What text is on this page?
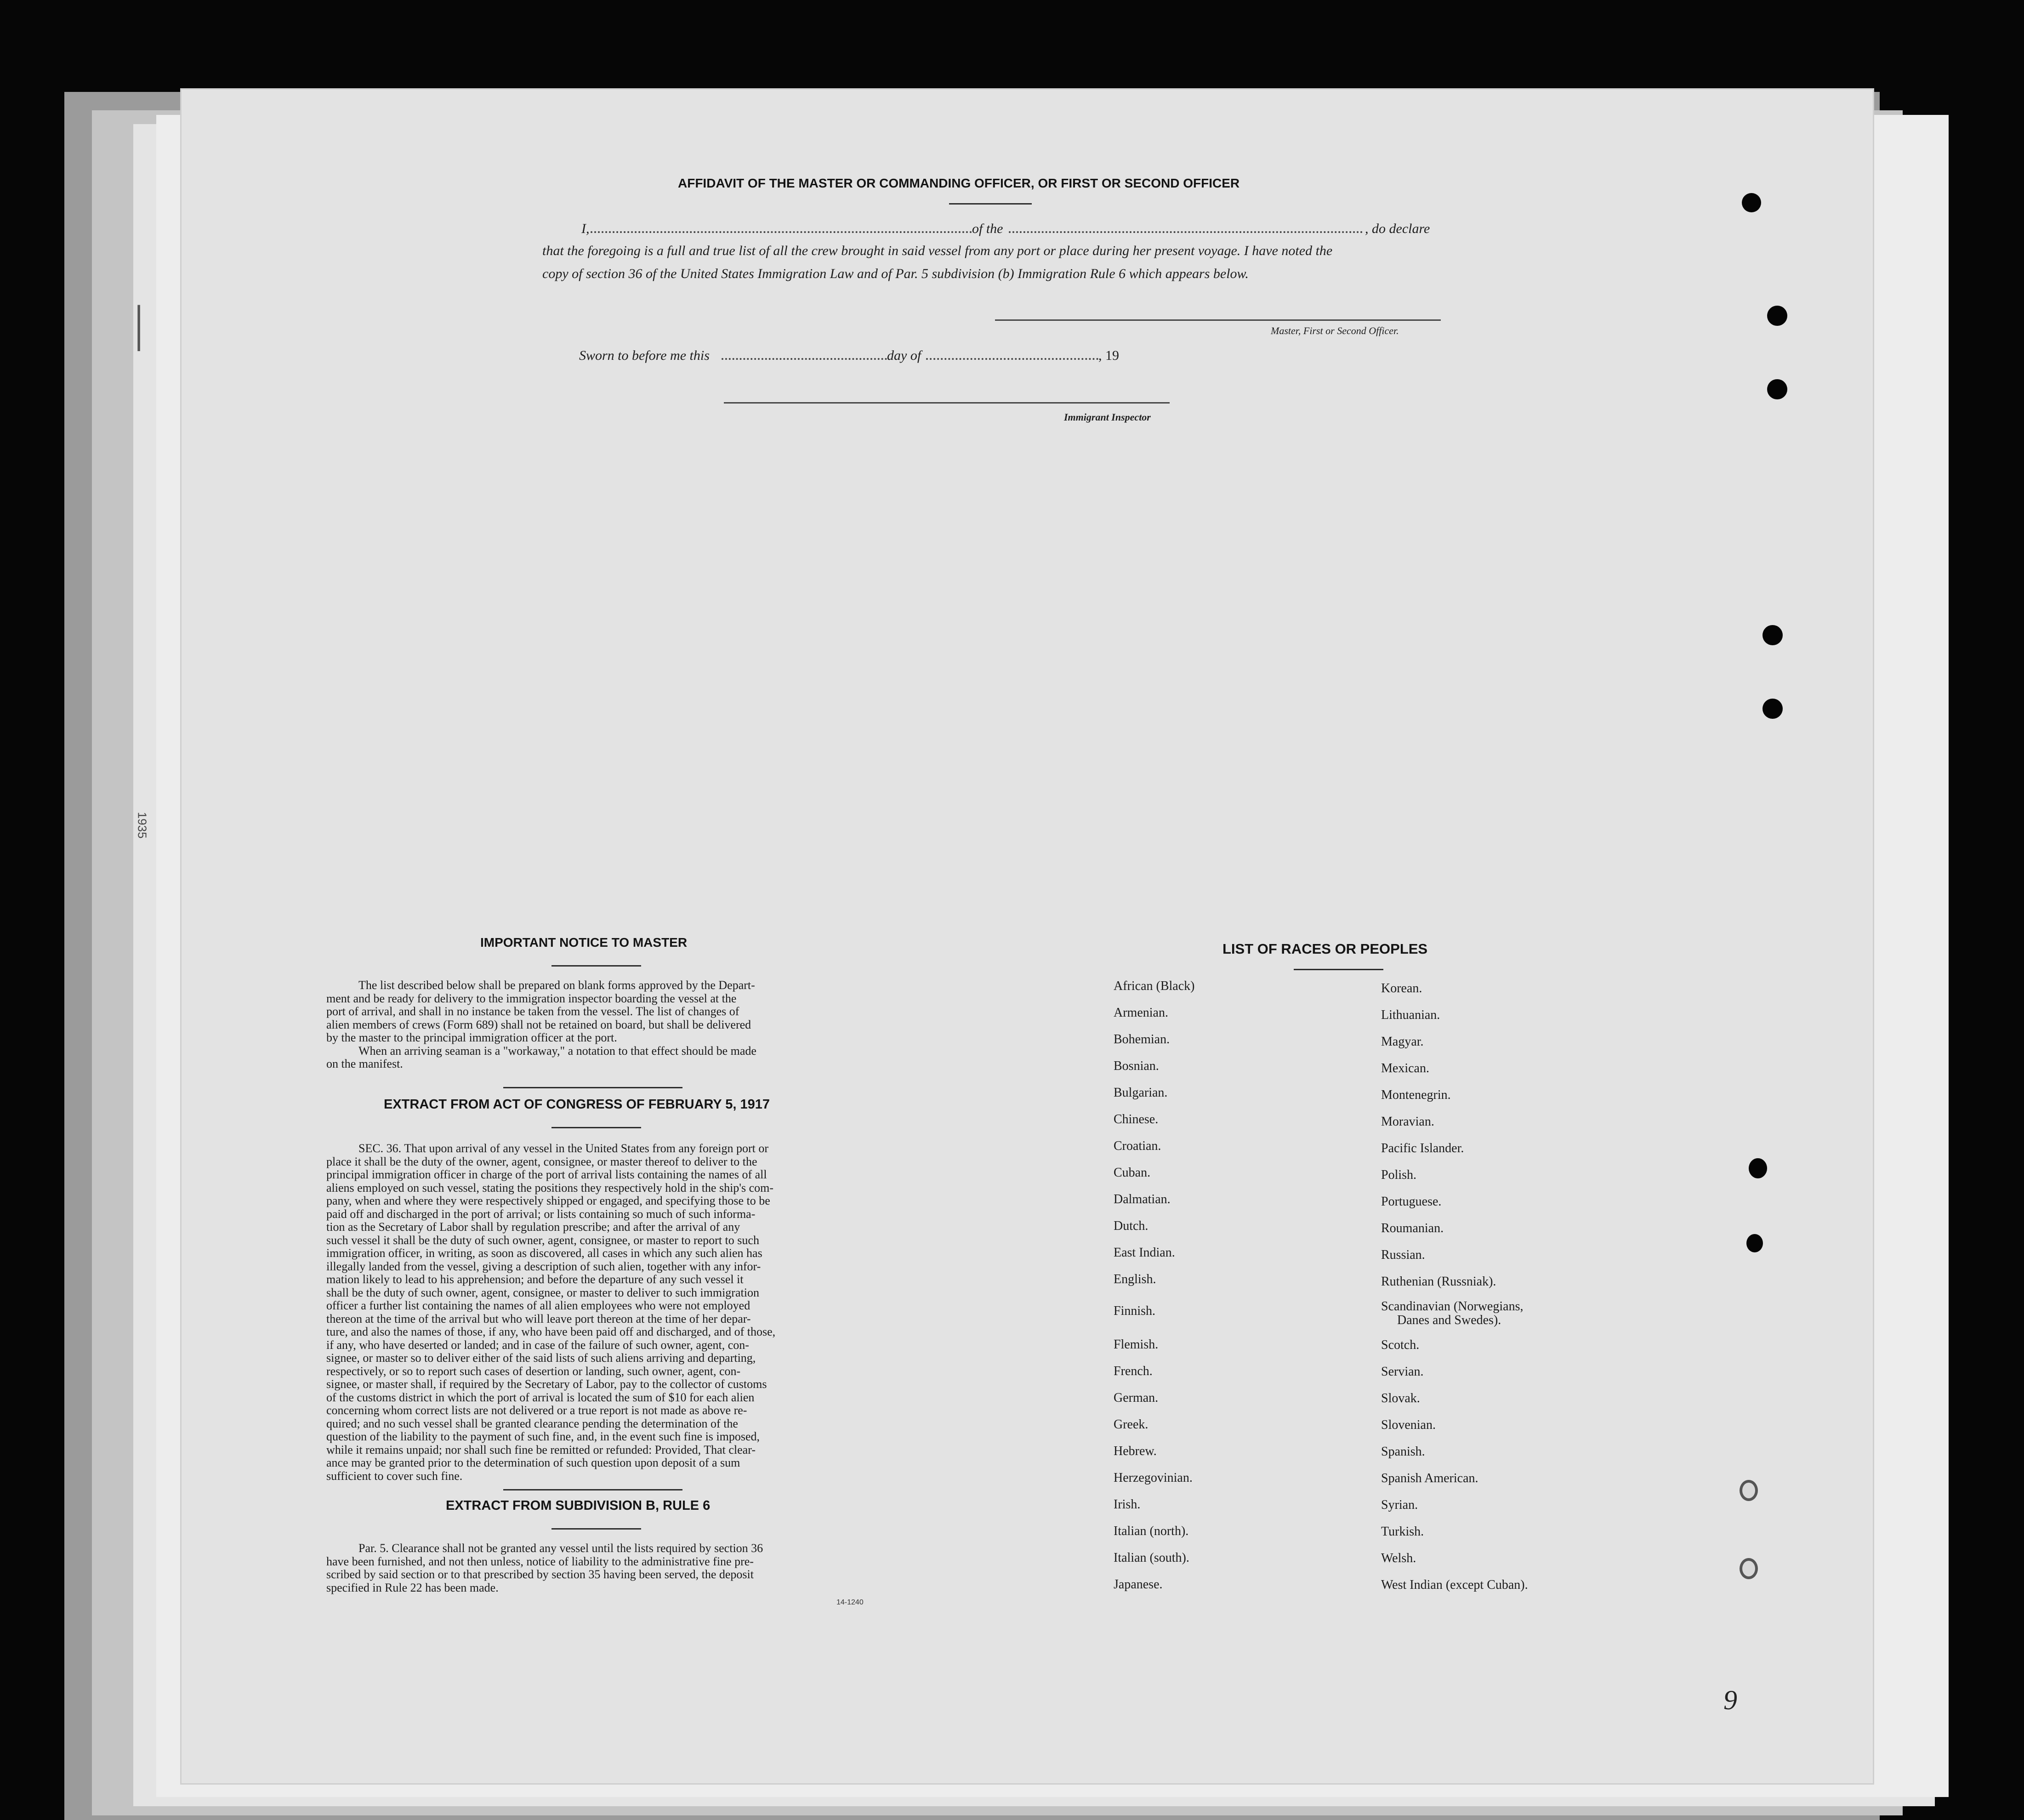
|
1935
AFFIDAVIT OF THE MASTER OR COMMANDING OFFICER, OR FIRST OR SECOND OFFICER
I,	of the	, do declare
that the foregoing is a full and true list of all the crew brought in said vessel from any port or place during her present voyage. I have noted the
copy of section 36 of the United States Immigration Law and of Par. 5 subdivision (b) Immigration Rule 6 which appears below.
Master, First or Second Officer.
Sworn to before me this	day of	, 19
Immigrant Inspector
IMPORTANT NOTICE TO MASTER
The list described below shall be prepared on blank forms approved by the Depart-
ment and be ready for delivery to the immigration inspector boarding the vessel at the
port of arrival, and shall in no instance be taken from the vessel. The list of changes of
alien members of crews (Form 689) shall not be retained on board, but shall be delivered
by the master to the principal immigration officer at the port.
When an arriving seaman is a "workaway," a notation to that effect should be made
on the manifest.
EXTRACT FROM ACT OF CONGRESS OF FEBRUARY 5, 1917
SEC. 36. That upon arrival of any vessel in the United States from any foreign port or
place it shall be the duty of the owner, agent, consignee, or master thereof to deliver to the
principal immigration officer in charge of the port of arrival lists containing the names of all
aliens employed on such vessel, stating the positions they respectively hold in the ship's com-
pany, when and where they were respectively shipped or engaged, and specifying those to be
paid off and discharged in the port of arrival; or lists containing so much of such informa-
tion as the Secretary of Labor shall by regulation prescribe; and after the arrival of any
such vessel it shall be the duty of such owner, agent, consignee, or master to report to such
immigration officer, in writing, as soon as discovered, all cases in which any such alien has
illegally landed from the vessel, giving a description of such alien, together with any infor-
mation likely to lead to his apprehension; and before the departure of any such vessel it
shall be the duty of such owner, agent, consignee, or master to deliver to such immigration
officer a further list containing the names of all alien employees who were not employed
thereon at the time of the arrival but who will leave port thereon at the time of her depar-
ture, and also the names of those, if any, who have been paid off and discharged, and of those,
if any, who have deserted or landed; and in case of the failure of such owner, agent, con-
signee, or master so to deliver either of the said lists of such aliens arriving and departing,
respectively, or so to report such cases of desertion or landing, such owner, agent, con-
signee, or master shall, if required by the Secretary of Labor, pay to the collector of customs
of the customs district in which the port of arrival is located the sum of $10 for each alien
concerning whom correct lists are not delivered or a true report is not made as above re-
quired; and no such vessel shall be granted clearance pending the determination of the
question of the liability to the payment of such fine, and, in the event such fine is imposed,
while it remains unpaid; nor shall such fine be remitted or refunded: Provided, That clear-
ance may be granted prior to the determination of such question upon deposit of a sum
sufficient to cover such fine.
EXTRACT FROM SUBDIVISION B, RULE 6
Par. 5. Clearance shall not be granted any vessel until the lists required by section 36
have been furnished, and not then unless, notice of liability to the administrative fine pre-
scribed by said section or to that prescribed by section 35 having been served, the deposit
specified in Rule 22 has been made.
14-1240
LIST OF RACES OR PEOPLES
African (Black)
Armenian.
Bohemian.
Bosnian.
Bulgarian.
Chinese.
Croatian.
Cuban.
Dalmatian.
Dutch.
East Indian.
English.
Finnish.
Flemish.
French.
German.
Greek.
Hebrew.
Herzegovinian.
Irish.
Italian (north).
Italian (south).
Japanese.
Korean.
Lithuanian.
Magyar.
Mexican.
Montenegrin.
Moravian.
Pacific Islander.
Polish.
Portuguese.
Roumanian.
Russian.
Ruthenian (Russniak).
Scandinavian (Norwegians,
Danes and Swedes).
Scotch.
Servian.
Slovak.
Slovenian.
Spanish.
Spanish American.
Syrian.
Turkish.
Welsh.
West Indian (except Cuban).
9
